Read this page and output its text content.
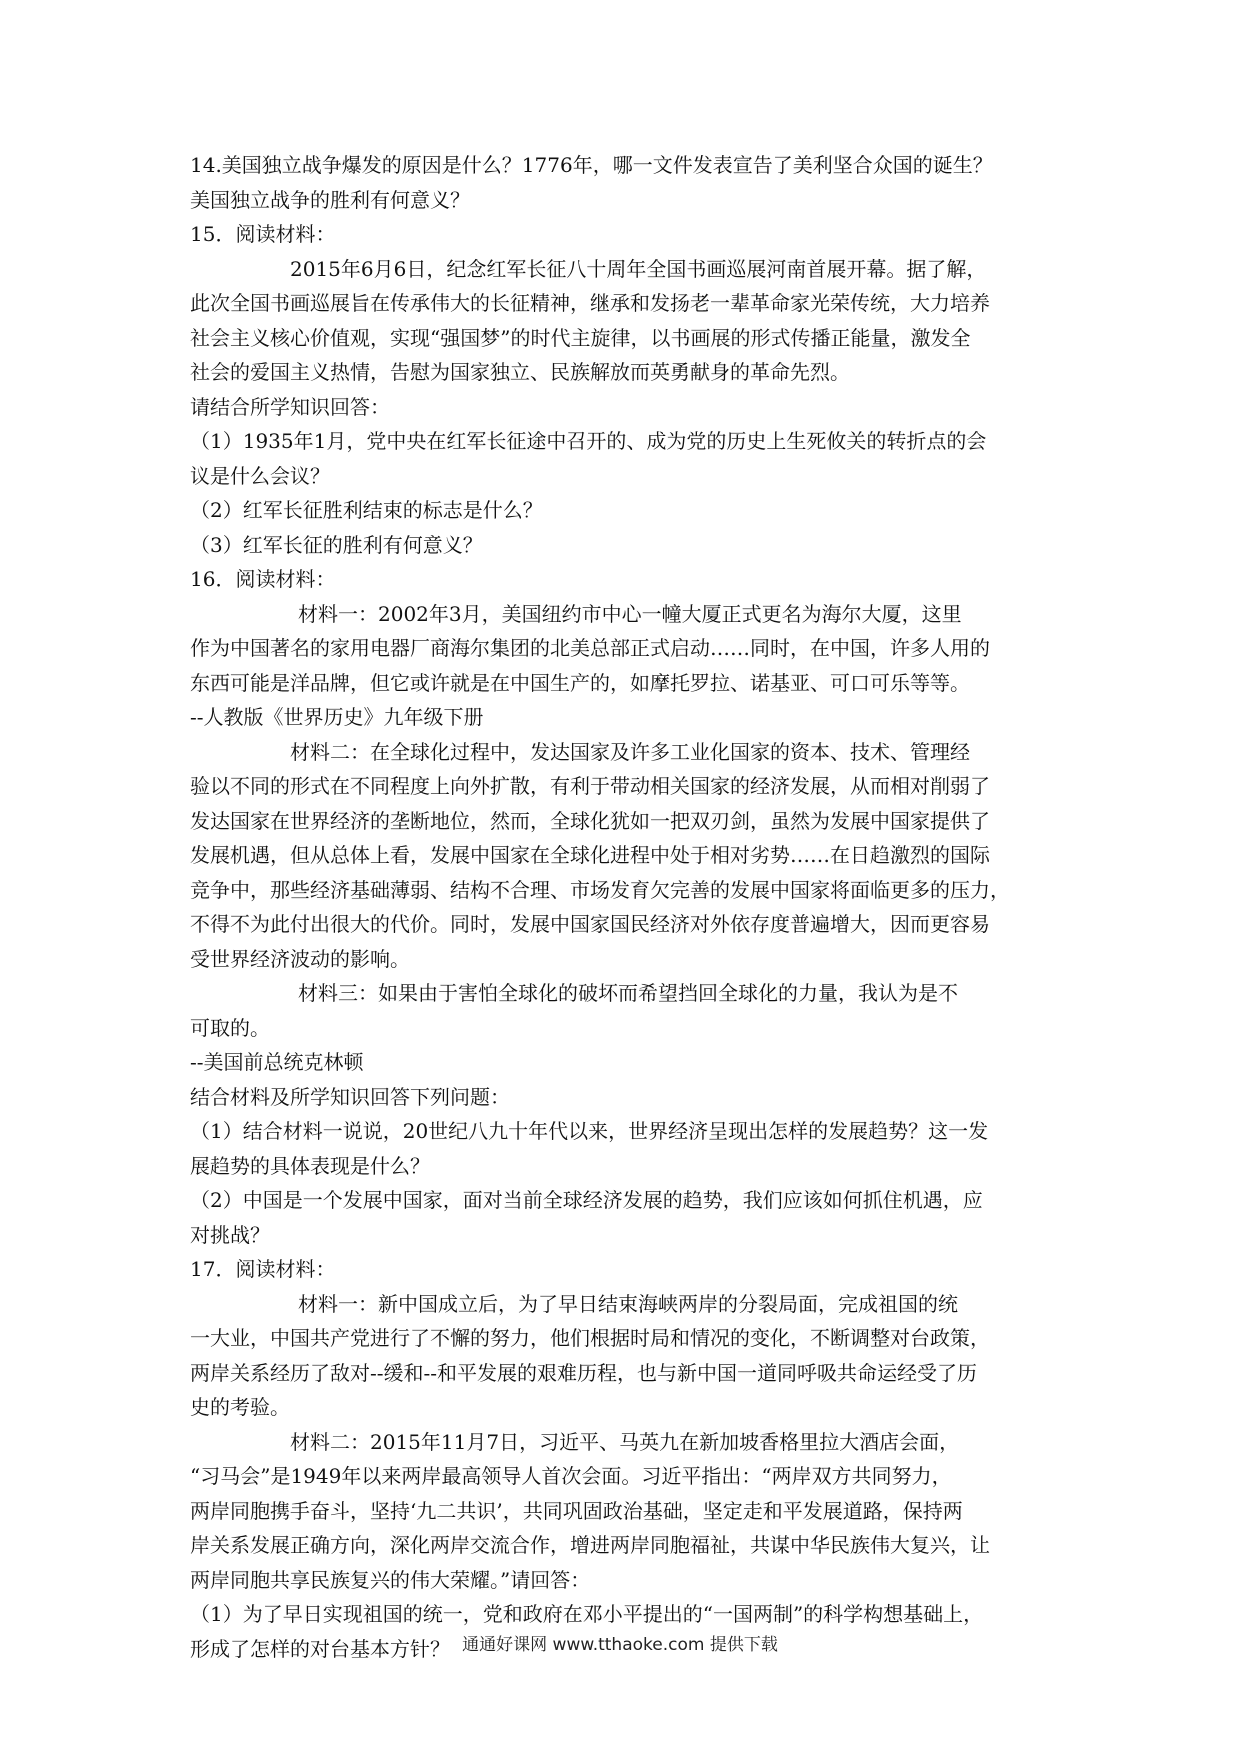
14.美国独立战争爆发的原因是什么？1776年，哪一文件发表宣告了美利坚合众国的诞生？
美国独立战争的胜利有何意义？
15．阅读材料：
2015年6月6日，纪念红军长征八十周年全国书画巡展河南首展开幕。据了解，
此次全国书画巡展旨在传承伟大的长征精神，继承和发扬老一辈革命家光荣传统，大力培养
社会主义核心价值观，实现“强国梦”的时代主旋律，以书画展的形式传播正能量，激发全
社会的爱国主义热情，告慰为国家独立、民族解放而英勇献身的革命先烈。
请结合所学知识回答：
（1）1935年1月，党中央在红军长征途中召开的、成为党的历史上生死攸关的转折点的会
议是什么会议？
（2）红军长征胜利结束的标志是什么？
（3）红军长征的胜利有何意义？
16．阅读材料：
材料一：2002年3月，美国纽约市中心一幢大厦正式更名为海尔大厦，这里
作为中国著名的家用电器厂商海尔集团的北美总部正式启动……同时，在中国，许多人用的
东西可能是洋品牌，但它或许就是在中国生产的，如摩托罗拉、诺基亚、可口可乐等等。
--人教版《世界历史》九年级下册
材料二：在全球化过程中，发达国家及许多工业化国家的资本、技术、管理经
验以不同的形式在不同程度上向外扩散，有利于带动相关国家的经济发展，从而相对削弱了
发达国家在世界经济的垄断地位，然而，全球化犹如一把双刃剑，虽然为发展中国家提供了
发展机遇，但从总体上看，发展中国家在全球化进程中处于相对劣势……在日趋激烈的国际
竞争中，那些经济基础薄弱、结构不合理、市场发育欠完善的发展中国家将面临更多的压力，
不得不为此付出很大的代价。同时，发展中国家国民经济对外依存度普遍增大，因而更容易
受世界经济波动的影响。
材料三：如果由于害怕全球化的破坏而希望挡回全球化的力量，我认为是不
可取的。
--美国前总统克林顿
结合材料及所学知识回答下列问题：
（1）结合材料一说说，20世纪八九十年代以来，世界经济呈现出怎样的发展趋势？这一发
展趋势的具体表现是什么？
（2）中国是一个发展中国家，面对当前全球经济发展的趋势，我们应该如何抓住机遇，应
对挑战？
17．阅读材料：
材料一：新中国成立后，为了早日结束海峡两岸的分裂局面，完成祖国的统
一大业，中国共产党进行了不懈的努力，他们根据时局和情况的变化，不断调整对台政策，
两岸关系经历了敌对--缓和--和平发展的艰难历程，也与新中国一道同呼吸共命运经受了历
史的考验。
材料二：2015年11月7日，习近平、马英九在新加坡香格里拉大酒店会面，
“习马会”是1949年以来两岸最高领导人首次会面。习近平指出：“两岸双方共同努力，
两岸同胞携手奋斗，坚持‘九二共识’，共同巩固政治基础，坚定走和平发展道路，保持两
岸关系发展正确方向，深化两岸交流合作，增进两岸同胞福祉，共谋中华民族伟大复兴，让
两岸同胞共享民族复兴的伟大荣耀。”请回答：
（1）为了早日实现祖国的统一，党和政府在邓小平提出的“一国两制”的科学构想基础上，
形成了怎样的对台基本方针？ 通通好课网 www.tthaoke.com 提供下载
